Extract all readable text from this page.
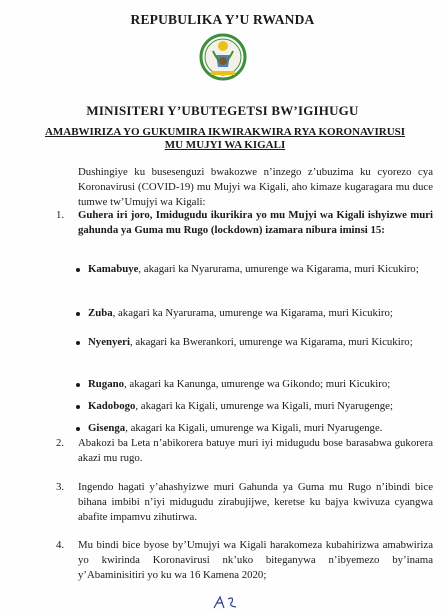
REPUBULIKA Y’U RWANDA
MINISITERI Y’UBUTEGETSI BW’IGIHUGU
AMABWIRIZA YO GUKUMIRA IKWIRAKWIRA RYA KORONAVIRUSI
MU MUJYI WA KIGALI
Dushingiye ku busesenguzi bwakozwe n’inzego z’ubuzima ku cyorezo cya Koronavirusi (COVID-19) mu Mujyi wa Kigali, aho kimaze kugaragara mu duce tumwe tw’Umujyi wa Kigali:
1.	Guhera iri joro, Imidugudu ikurikira yo mu Mujyi wa Kigali ishyizwe muri gahunda ya Guma mu Rugo (lockdown) izamara nibura iminsi 15:
Kamabuye, akagari ka Nyarurama, umurenge wa Kigarama, muri Kicukiro;
Zuba, akagari ka Nyarurama, umurenge wa Kigarama, muri Kicukiro;
Nyenyeri, akagari ka Bwerankori, umurenge wa Kigarama, muri Kicukiro;
Rugano, akagari ka Kanunga, umurenge wa Gikondo; muri Kicukiro;
Kadobogo, akagari ka Kigali, umurenge wa Kigali, muri Nyarugenge;
Gisenga, akagari ka Kigali, umurenge wa Kigali, muri Nyarugenge.
2.	Abakozi ba Leta n’abikorera batuye muri iyi midugudu bose barasabwa gukorera akazi mu rugo.
3.	Ingendo hagati y’ahashyizwe muri Gahunda ya Guma mu Rugo n’ibindi bice bihana imbibi n’iyi midugudu zirabujijwe, keretse ku bajya kwivuza cyangwa abafite impamvu zihutirwa.
4.	Mu bindi bice byose by’Umujyi wa Kigali harakomeza kubahirizwa amabwiriza yo kwirinda Koronavirusi nk’uko biteganywa n’ibyemezo by’inama y’Abaminisitiri yo ku wa 16 Kamena 2020;
